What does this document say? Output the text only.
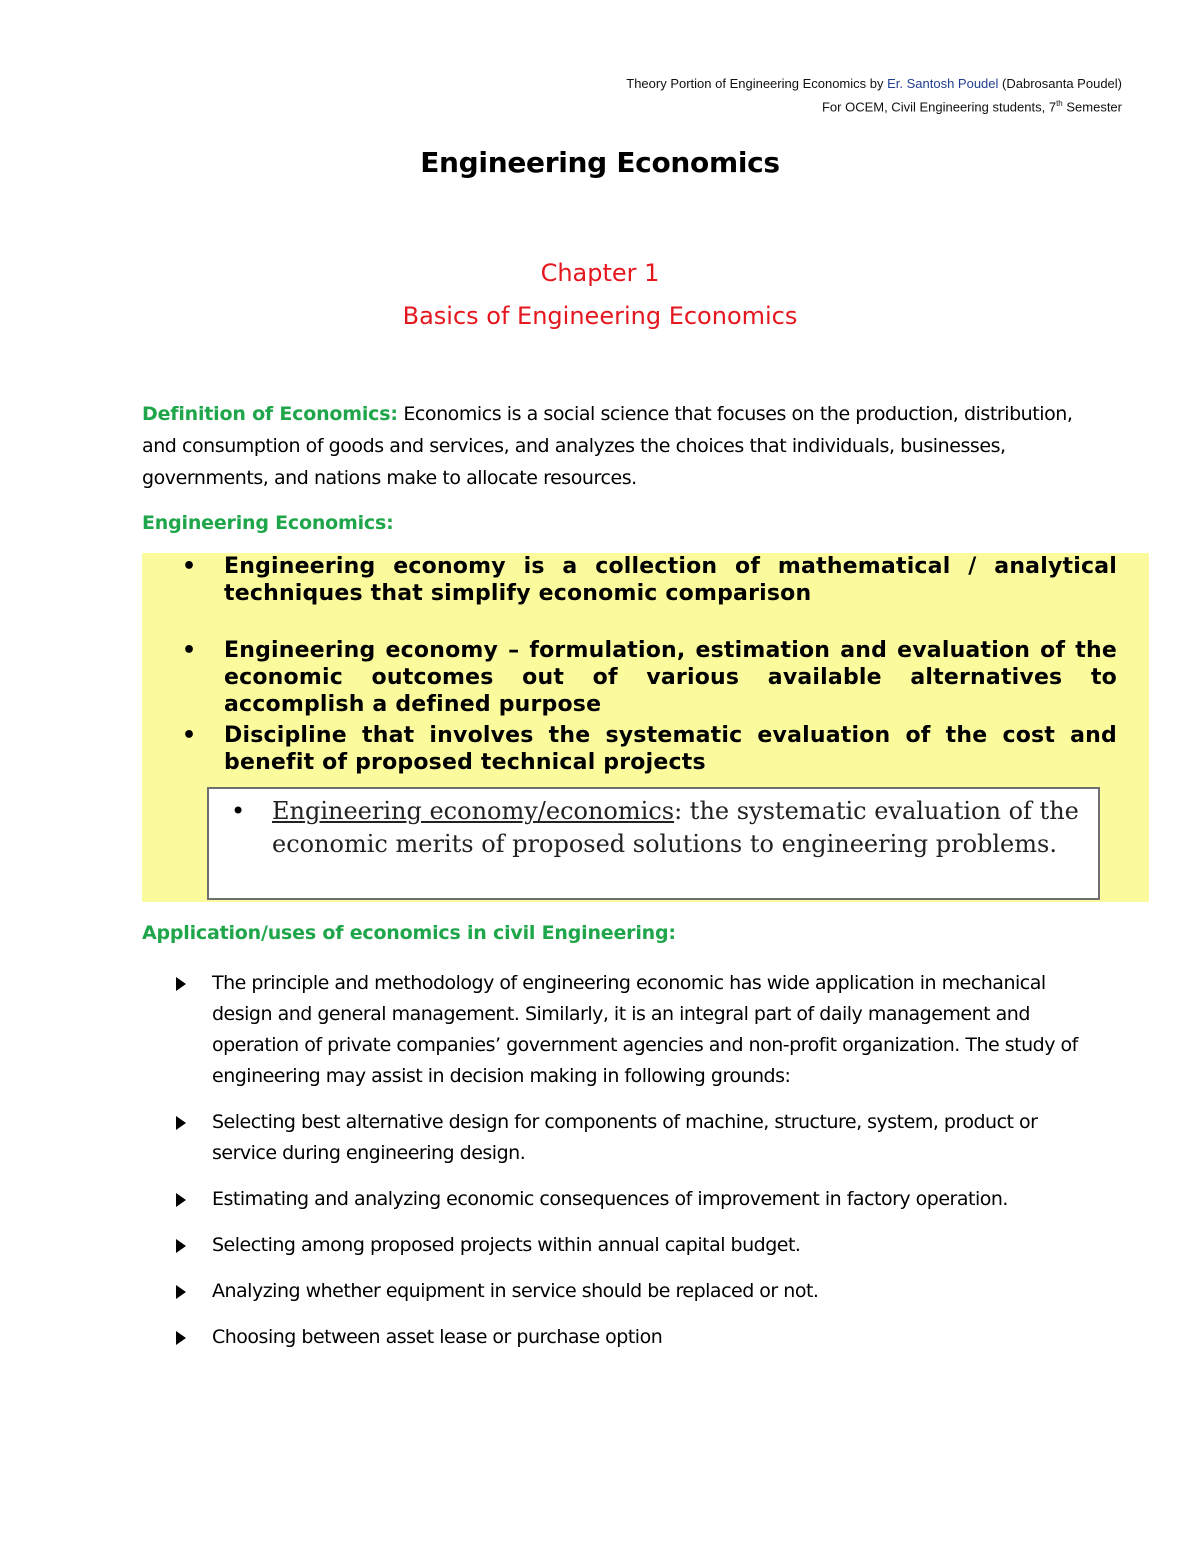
Theory Portion of Engineering Economics by Er. Santosh Poudel (Dabrosanta Poudel)
For OCEM, Civil Engineering students, 7th Semester
Engineering Economics
Chapter 1
Basics of Engineering Economics
Definition of Economics: Economics is a social science that focuses on the production, distribution, and consumption of goods and services, and analyzes the choices that individuals, businesses, governments, and nations make to allocate resources.
Engineering Economics:
• Engineering economy is a collection of mathematical / analytical techniques that simplify economic comparison
• Engineering economy – formulation, estimation and evaluation of the economic outcomes out of various available alternatives to accomplish a defined purpose
• Discipline that involves the systematic evaluation of the cost and benefit of proposed technical projects
• Engineering economy/economics: the systematic evaluation of the economic merits of proposed solutions to engineering problems.
Application/uses of economics in civil Engineering:
The principle and methodology of engineering economic has wide application in mechanical design and general management. Similarly, it is an integral part of daily management and operation of private companies’ government agencies and non-profit organization. The study of engineering may assist in decision making in following grounds:
Selecting best alternative design for components of machine, structure, system, product or service during engineering design.
Estimating and analyzing economic consequences of improvement in factory operation.
Selecting among proposed projects within annual capital budget.
Analyzing whether equipment in service should be replaced or not.
Choosing between asset lease or purchase option
